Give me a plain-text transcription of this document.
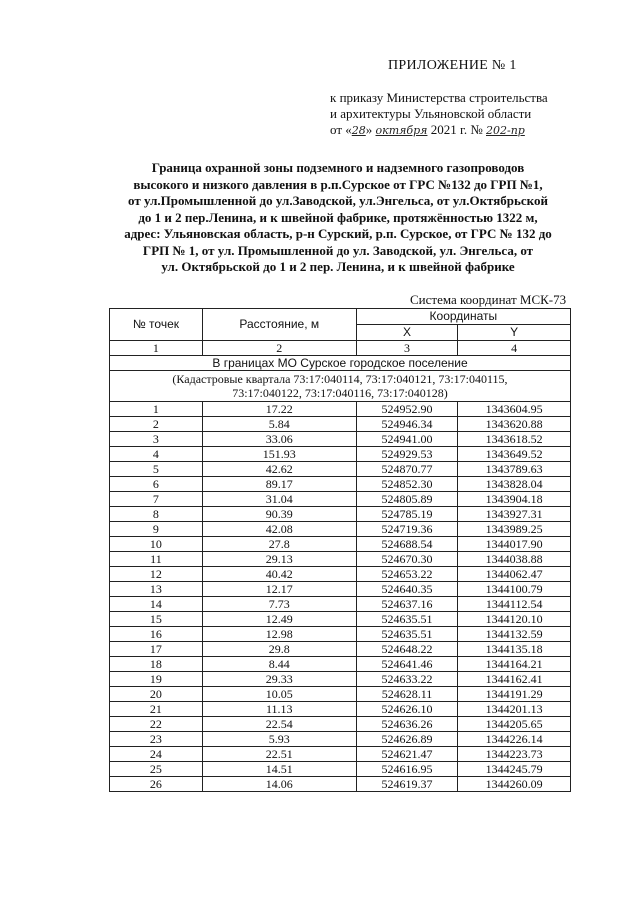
ПРИЛОЖЕНИЕ № 1
к приказу Министерства строительства
и архитектуры Ульяновской области
от «28» октября 2021 г. № 202-пр
Граница охранной зоны подземного и надземного газопроводов
высокого и низкого давления в р.п.Сурское от ГРС №132 до ГРП №1,
от ул.Промышленной до ул.Заводской, ул.Энгельса, от ул.Октябрьской
до 1 и 2 пер.Ленина, и к швейной фабрике, протяжённостью 1322 м,
адрес: Ульяновская область, р-н Сурский, р.п. Сурское, от ГРС № 132 до
ГРП № 1, от ул. Промышленной до ул. Заводской, ул. Энгельса, от
ул. Октябрьской до 1 и 2 пер. Ленина, и к швейной фабрике
Система координат МСК-73
№ точек	Расстояние, м	Координаты	
		X	Y
1	2	3	4
В границах МО Сурское городское поселение			

(Кадастровые квартала 73:17:040114, 73:17:040121, 73:17:040115,
73:17:040122, 73:17:040116, 73:17:040128)			

1	17.22	524952.90	1343604.95
2	5.84	524946.34	1343620.88
3	33.06	524941.00	1343618.52
4	151.93	524929.53	1343649.52
5	42.62	524870.77	1343789.63
6	89.17	524852.30	1343828.04
7	31.04	524805.89	1343904.18
8	90.39	524785.19	1343927.31
9	42.08	524719.36	1343989.25
10	27.8	524688.54	1344017.90
11	29.13	524670.30	1344038.88
12	40.42	524653.22	1344062.47
13	12.17	524640.35	1344100.79
14	7.73	524637.16	1344112.54
15	12.49	524635.51	1344120.10
16	12.98	524635.51	1344132.59
17	29.8	524648.22	1344135.18
18	8.44	524641.46	1344164.21
19	29.33	524633.22	1344162.41
20	10.05	524628.11	1344191.29
21	11.13	524626.10	1344201.13
22	22.54	524636.26	1344205.65
23	5.93	524626.89	1344226.14
24	22.51	524621.47	1344223.73
25	14.51	524616.95	1344245.79
26	14.06	524619.37	1344260.09
